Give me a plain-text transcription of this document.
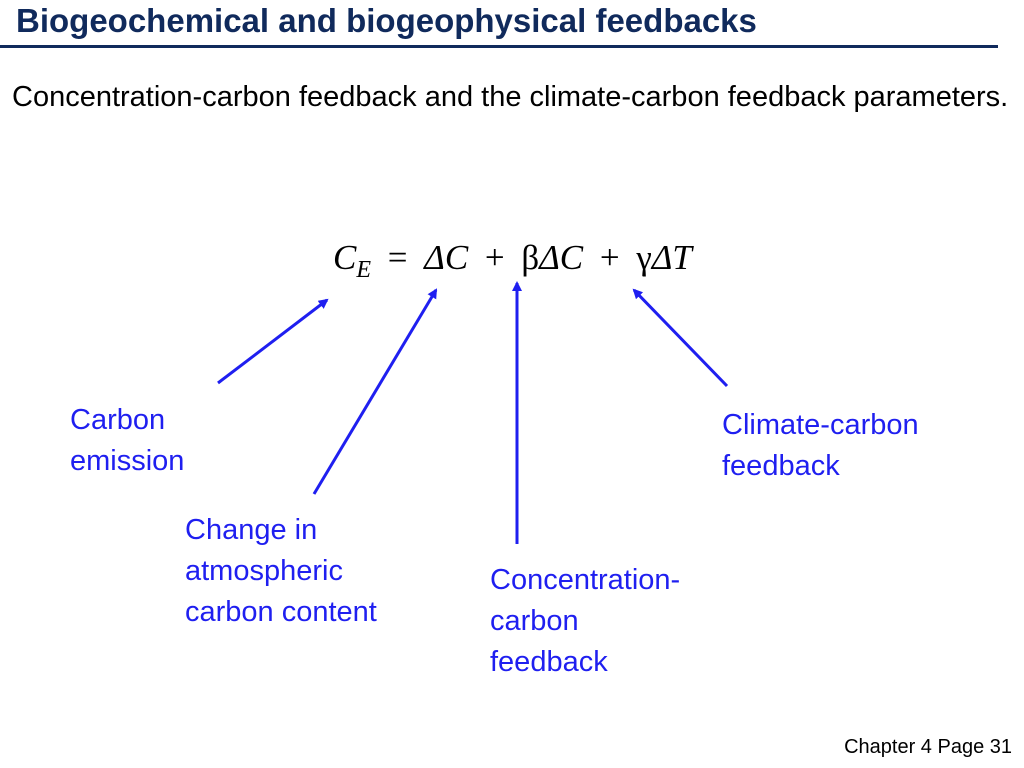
Biogeochemical and biogeophysical feedbacks
Concentration-carbon feedback and the climate-carbon feedback parameters.
$C_E = \Delta C + \beta\Delta C + \gamma\Delta T$
Carbon
emission
Change in
atmospheric
carbon content
Concentration-
carbon
feedback
Climate-carbon
feedback
Chapter 4 Page 31
